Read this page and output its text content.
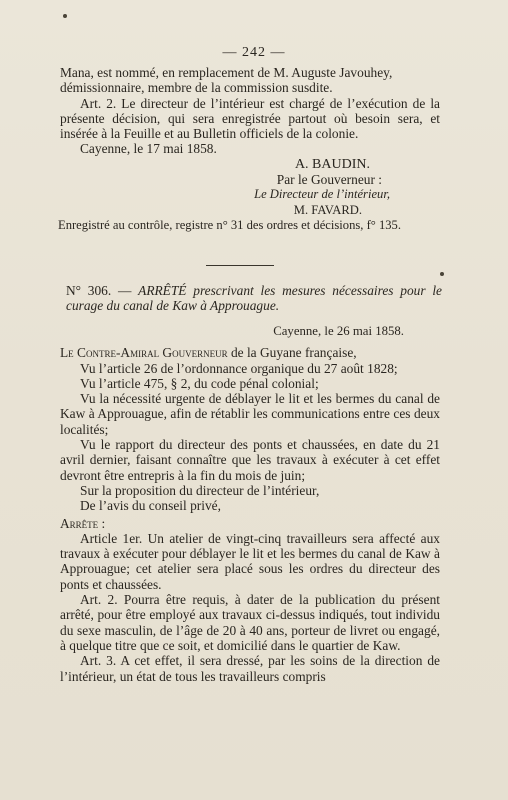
— 242 —

Mana, est nommé, en remplacement de M. Auguste Javouhey,

démissionnaire, membre de la commission susdite.

Art. 2. Le directeur de l’intérieur est chargé de l’exécution de la présente décision, qui sera enregistrée partout où besoin sera, et insérée à la Feuille et au Bulletin officiels de la colonie.

Cayenne, le 17 mai 1858.

A. BAUDIN.

Par le Gouverneur :

Le Directeur de l’intérieur,

M. FAVARD.

Enregistré au contrôle, registre n° 31 des ordres et décisions, f° 135.

N° 306. — ARRÊTÉ prescrivant les mesures nécessaires pour le curage du canal de Kaw à Approuague.

Cayenne, le 26 mai 1858.

Le Contre-Amiral Gouverneur de la Guyane française,

Vu l’article 26 de l’ordonnance organique du 27 août 1828;

Vu l’article 475, § 2, du code pénal colonial;

Vu la nécessité urgente de déblayer le lit et les bermes du canal de Kaw à Approuague, afin de rétablir les communications entre ces deux localités;

Vu le rapport du directeur des ponts et chaussées, en date du 21 avril dernier, faisant connaître que les travaux à exécuter à cet effet devront être entrepris à la fin du mois de juin;

Sur la proposition du directeur de l’intérieur,

De l’avis du conseil privé,

Arrête :

Article 1er. Un atelier de vingt-cinq travailleurs sera affecté aux travaux à exécuter pour déblayer le lit et les bermes du canal de Kaw à Approuague; cet atelier sera placé sous les ordres du directeur des ponts et chaussées.

Art. 2. Pourra être requis, à dater de la publication du présent arrêté, pour être employé aux travaux ci-dessus indiqués, tout individu du sexe masculin, de l’âge de 20 à 40 ans, porteur de livret ou engagé, à quelque titre que ce soit, et domicilié dans le quartier de Kaw.

Art. 3. A cet effet, il sera dressé, par les soins de la direction de l’intérieur, un état de tous les travailleurs compris
